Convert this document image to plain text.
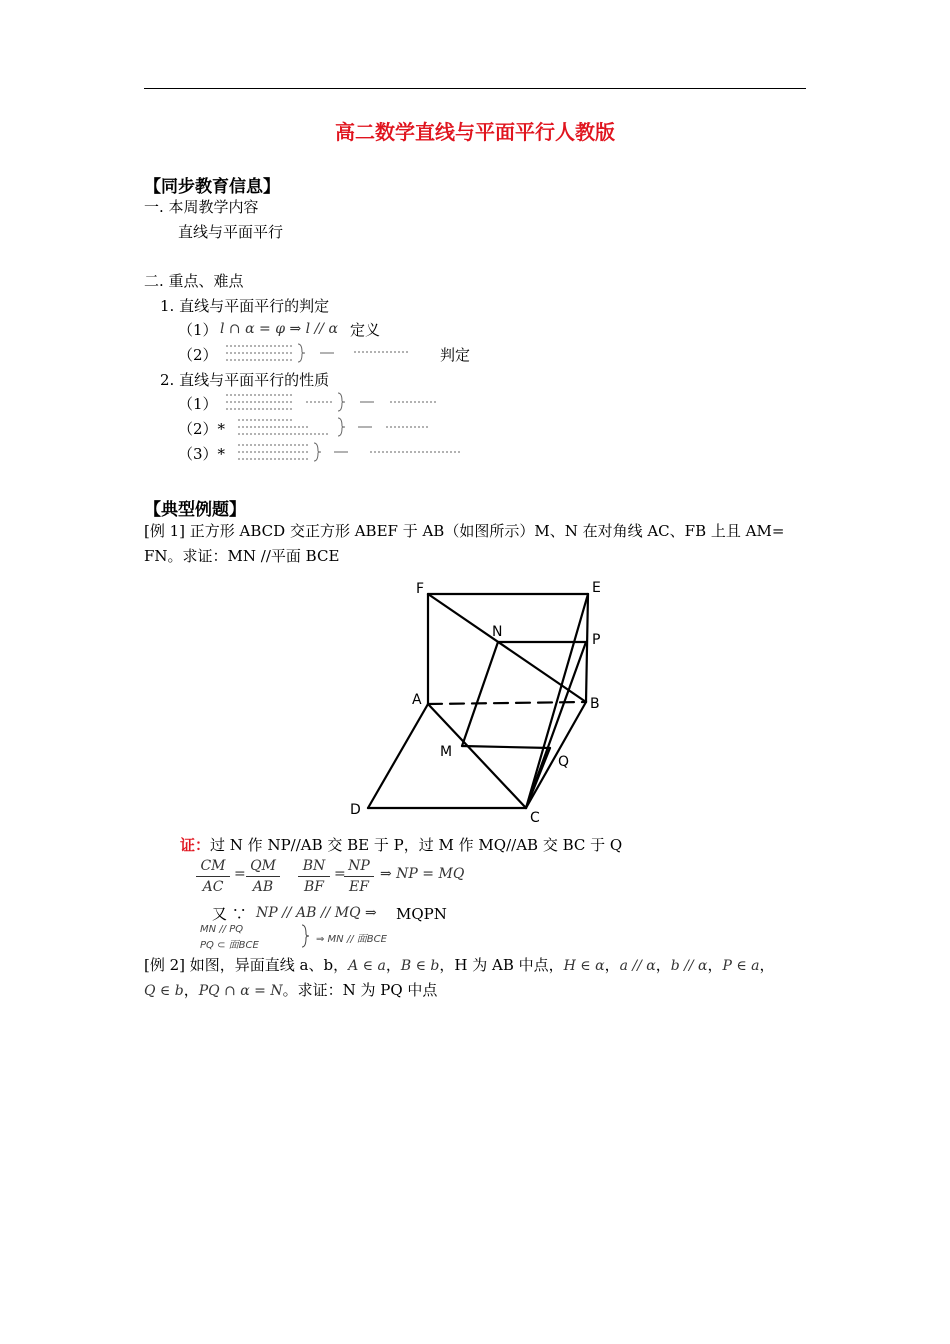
高二数学直线与平面平行人教版
【同步教育信息】
一. 本周教学内容
直线与平面平行
二. 重点、难点
1. 直线与平面平行的判定
（1） l ∩ α = φ ⇒ l // α 定义
（2）	判定
2. 直线与平面平行的性质
（1）
（2）*
（3）*
【典型例题】
[例 1] 正方形 ABCD 交正方形 ABEF 于 AB（如图所示）M、N 在对角线 AC、FB 上且 AM=
FN。求证：MN //平面 BCE
F	E
N	P
A	B
M
Q
D	C
证：过 N 作 NP//AB 交 BE 于 P，过 M 作 MQ//AB 交 BC 于 Q
$\frac{CM}{AC} = \frac{QM}{AB} \frac{BN}{BF}$ =
$\frac{NP}{EF}$ ⇒ NP = MQ
又 ∵ NP // AB // MQ ⇒ MQPN
MN // PQ
PQ ⊂ 面BCE
⇒ MN // 面BCE
[例 2] 如图，异面直线 a、b，A ∈ a，B ∈ b，H 为 AB 中点，H ∈ α，a // α，b // α，P ∈ a，
Q ∈ b，PQ ∩ α = N。求证：N 为 PQ 中点
